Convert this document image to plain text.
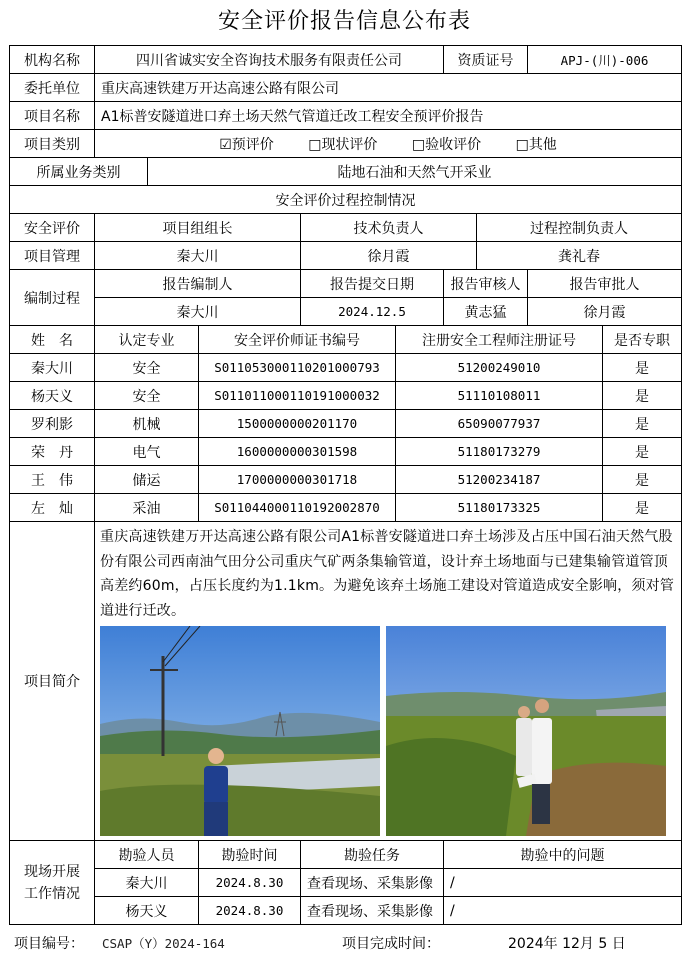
安全评价报告信息公布表
机构名称	四川省诚实安全咨询技术服务有限责任公司					资质证号		APJ-(川)-006	
委托单位	重庆高速铁建万开达高速公路有限公司								
项目名称	A1标普安隧道进口弃土场天然气管道迁改工程安全预评价报告								
项目类别	☑预评价 □现状评价 □验收评价 □其他								
所属业务类别		陆地石油和天然气开采业							
安全评价过程控制情况									
安全评价	项目组组长			技术负责人			过程控制负责人		
项目管理	秦大川			徐月霞			龚礼春		
编制过程	报告编制人			报告提交日期		报告审核人		报告审批人	
	秦大川			2024.12.5		黄志猛		徐月霞	
姓　名	认定专业		安全评价师证书编号		注册安全工程师注册证号				是否专职
秦大川	安全		S011053000110201000793		51200249010				是
杨天义	安全		S011011000110191000032		51110108011				是
罗利影	机械		1500000000201170		65090077937				是
荣　丹	电气		1600000000301598		51180173279				是
王　伟	储运		1700000000301718		51200234187				是
左　灿	采油		S011044000110192002870		51180173325				是
项目简介	重庆高速铁建万开达高速公路有限公司A1标普安隧道进口弃土场涉及占压中国石油天然气股份有限公司西南油气田分公司重庆气矿两条集输管道，设计弃土场地面与已建集输管道管顶高差约60m，占压长度约为1.1km。为避免该弃土场施工建设对管道造成安全影响，须对管道进行迁改。								

现场开展
工作情况	勘验人员		勘验时间	勘验任务		勘验中的问题			
	秦大川		2024.8.30	查看现场、采集影像		/			
	杨天义		2024.8.30	查看现场、采集影像		/			
项目编号： CSAP（Y）2024-164	项目完成时间：	2024年 12月 5 日
